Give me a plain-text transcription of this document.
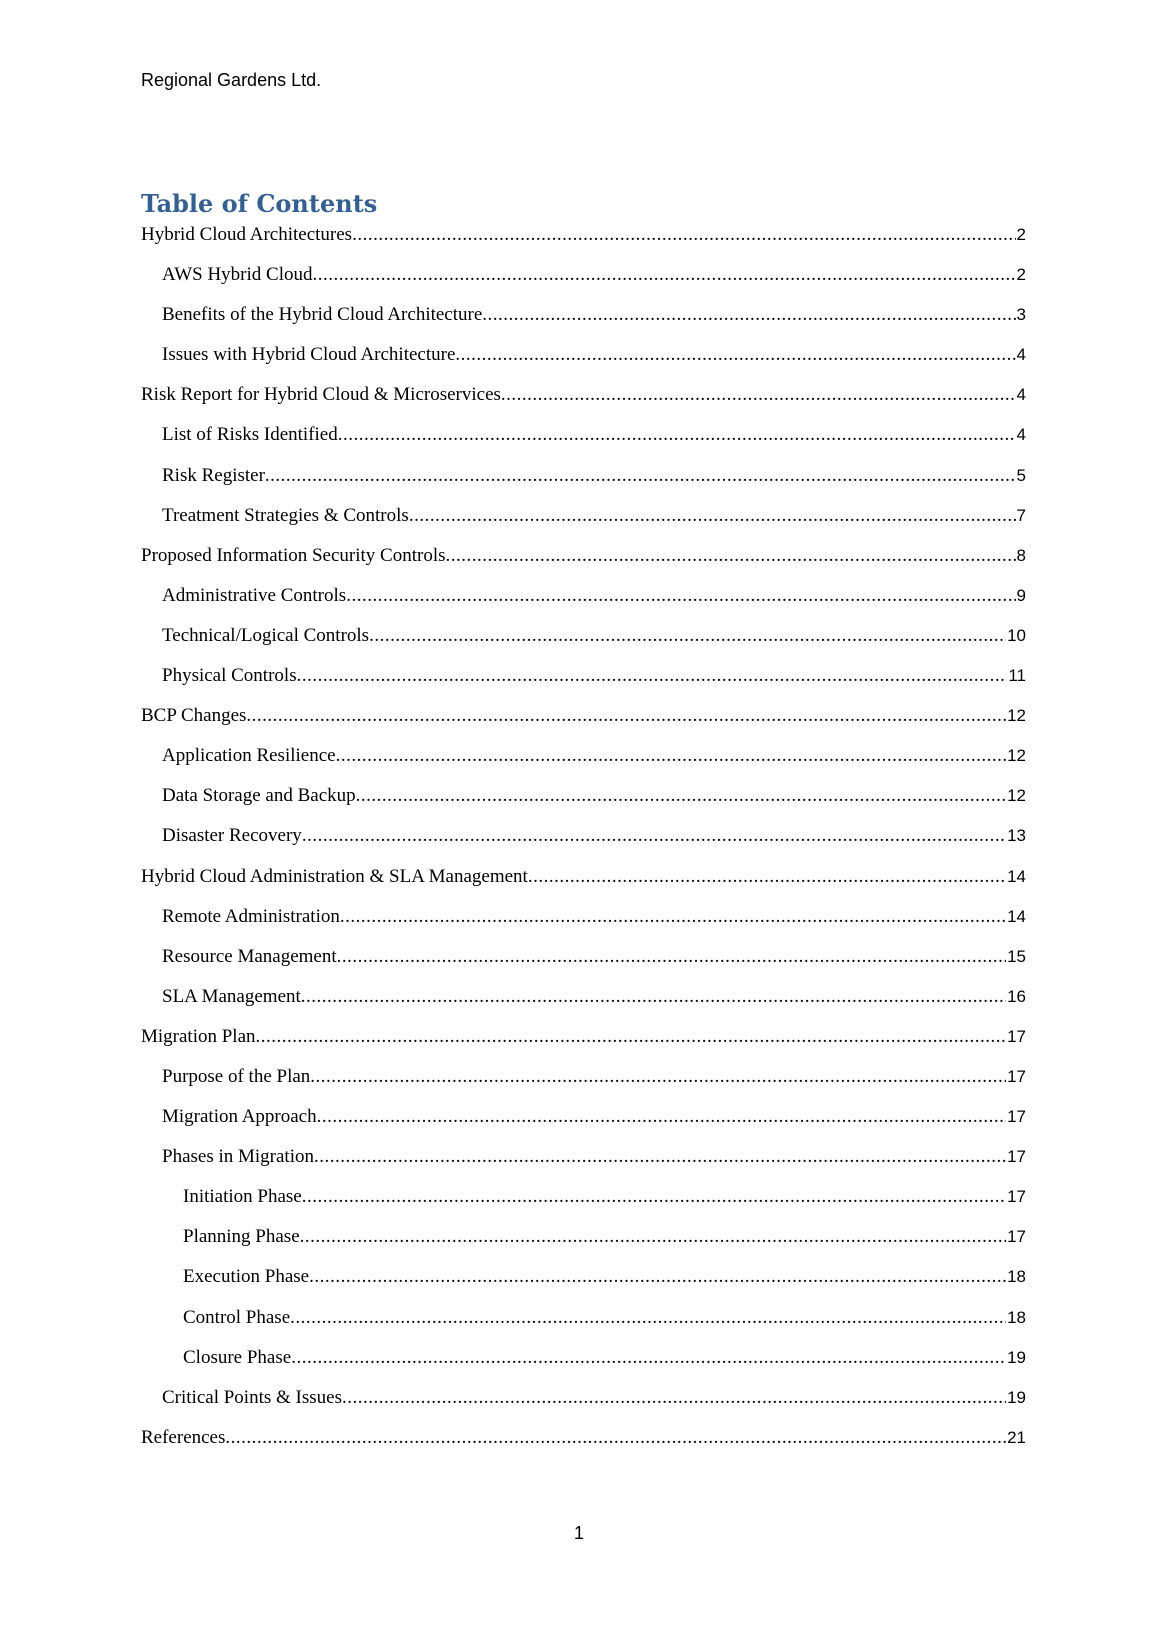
Regional Gardens Ltd.
Table of Contents
Hybrid Cloud Architectures .....	2
AWS Hybrid Cloud .....	2
Benefits of the Hybrid Cloud Architecture .....	3
Issues with Hybrid Cloud Architecture .....	4
Risk Report for Hybrid Cloud & Microservices .....	4
List of Risks Identified .....	4
Risk Register .....	5
Treatment Strategies & Controls .....	7
Proposed Information Security Controls .....	8
Administrative Controls .....	9
Technical/Logical Controls .....	10
Physical Controls .....	11
BCP Changes .....	12
Application Resilience .....	12
Data Storage and Backup .....	12
Disaster Recovery .....	13
Hybrid Cloud Administration & SLA Management .....	14
Remote Administration .....	14
Resource Management .....	15
SLA Management .....	16
Migration Plan .....	17
Purpose of the Plan .....	17
Migration Approach .....	17
Phases in Migration .....	17
Initiation Phase .....	17
Planning Phase .....	17
Execution Phase .....	18
Control Phase .....	18
Closure Phase .....	19
Critical Points & Issues .....	19
References .....	21
1
